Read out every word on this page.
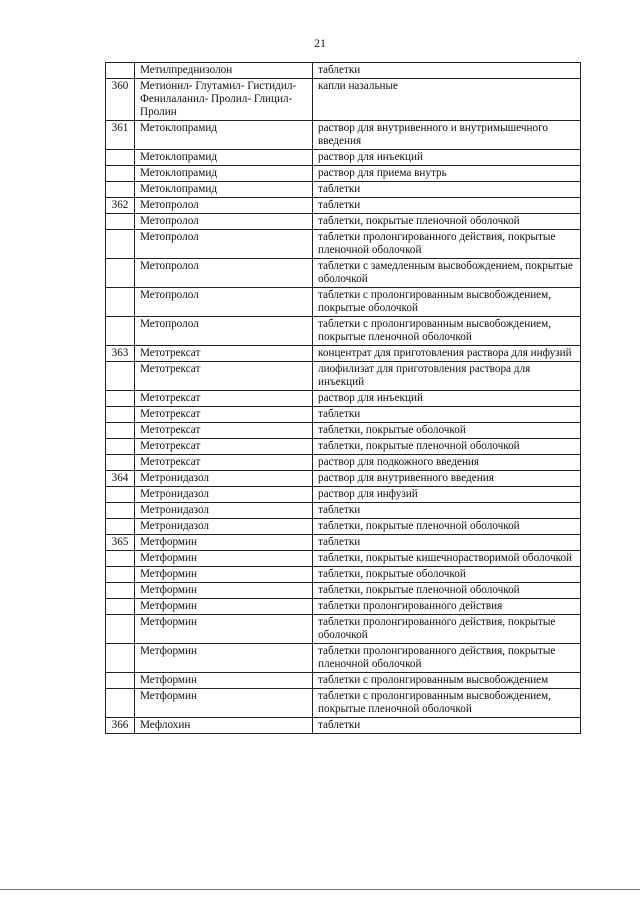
21
	Метилпреднизолон	таблетки
360	Метионил- Глутамил- Гистидил- Фенилаланил- Пролил- Глицил- Пролин	капли назальные
361	Метоклопрамид	раствор для внутривенного и внутримышечного введения
	Метоклопрамид	раствор для инъекций
	Метоклопрамид	раствор для приема внутрь
	Метоклопрамид	таблетки
362	Метопролол	таблетки
	Метопролол	таблетки, покрытые пленочной оболочкой
	Метопролол	таблетки пролонгированного действия, покрытые пленочной оболочкой
	Метопролол	таблетки с замедленным высвобождением, покрытые оболочкой
	Метопролол	таблетки с пролонгированным высвобождением, покрытые оболочкой
	Метопролол	таблетки с пролонгированным высвобождением, покрытые пленочной оболочкой
363	Метотрексат	концентрат для приготовления раствора для инфузий
	Метотрексат	лиофилизат для приготовления раствора для инъекций
	Метотрексат	раствор для инъекций
	Метотрексат	таблетки
	Метотрексат	таблетки, покрытые оболочкой
	Метотрексат	таблетки, покрытые пленочной оболочкой
	Метотрексат	раствор для подкожного введения
364	Метронидазол	раствор для внутривенного введения
	Метронидазол	раствор для инфузий
	Метронидазол	таблетки
	Метронидазол	таблетки, покрытые пленочной оболочкой
365	Метформин	таблетки
	Метформин	таблетки, покрытые кишечнорастворимой оболочкой
	Метформин	таблетки, покрытые оболочкой
	Метформин	таблетки, покрытые пленочной оболочкой
	Метформин	таблетки пролонгированного действия
	Метформин	таблетки пролонгированного действия, покрытые оболочкой
	Метформин	таблетки пролонгированного действия, покрытые пленочной оболочкой
	Метформин	таблетки с пролонгированным высвобождением
	Метформин	таблетки с пролонгированным высвобождением, покрытые пленочной оболочкой
366	Мефлохин	таблетки
